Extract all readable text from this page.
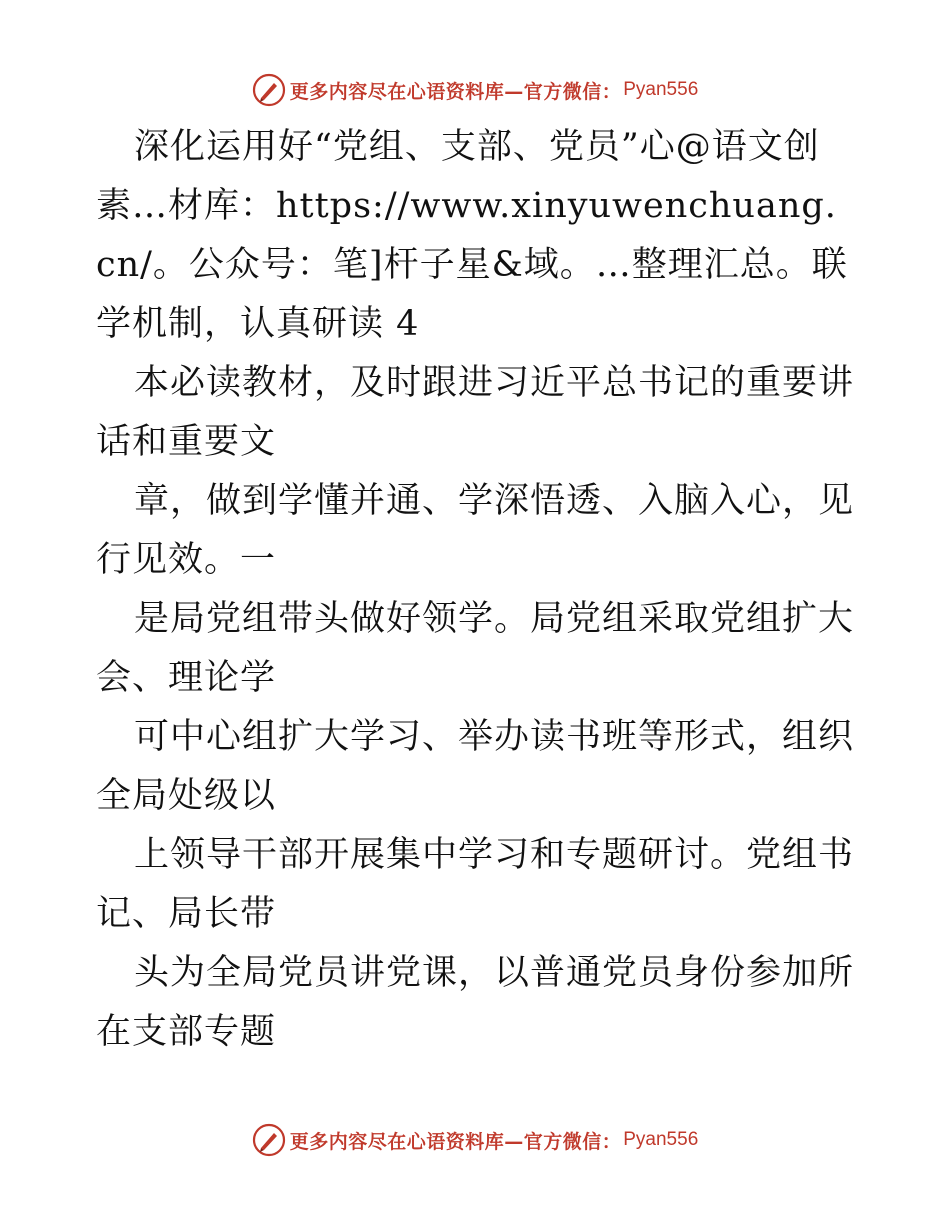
更多内容尽在心语资料库—官方微信： Pyan556

深化运用好“党组、支部、党员”心@语文创素…材库：https://www.xinyuwenchuang.cn/。公众号：笔]杆子星&域。…整理汇总。联学机制，认真研读 4

本必读教材，及时跟进习近平总书记的重要讲话和重要文

章，做到学懂并通、学深悟透、入脑入心，见行见效。一

是局党组带头做好领学。局党组采取党组扩大会、理论学

可中心组扩大学习、举办读书班等形式，组织全局处级以

上领导干部开展集中学习和专题研讨。党组书记、局长带

头为全局党员讲党课，以普通党员身份参加所在支部专题

更多内容尽在心语资料库—官方微信： Pyan556
